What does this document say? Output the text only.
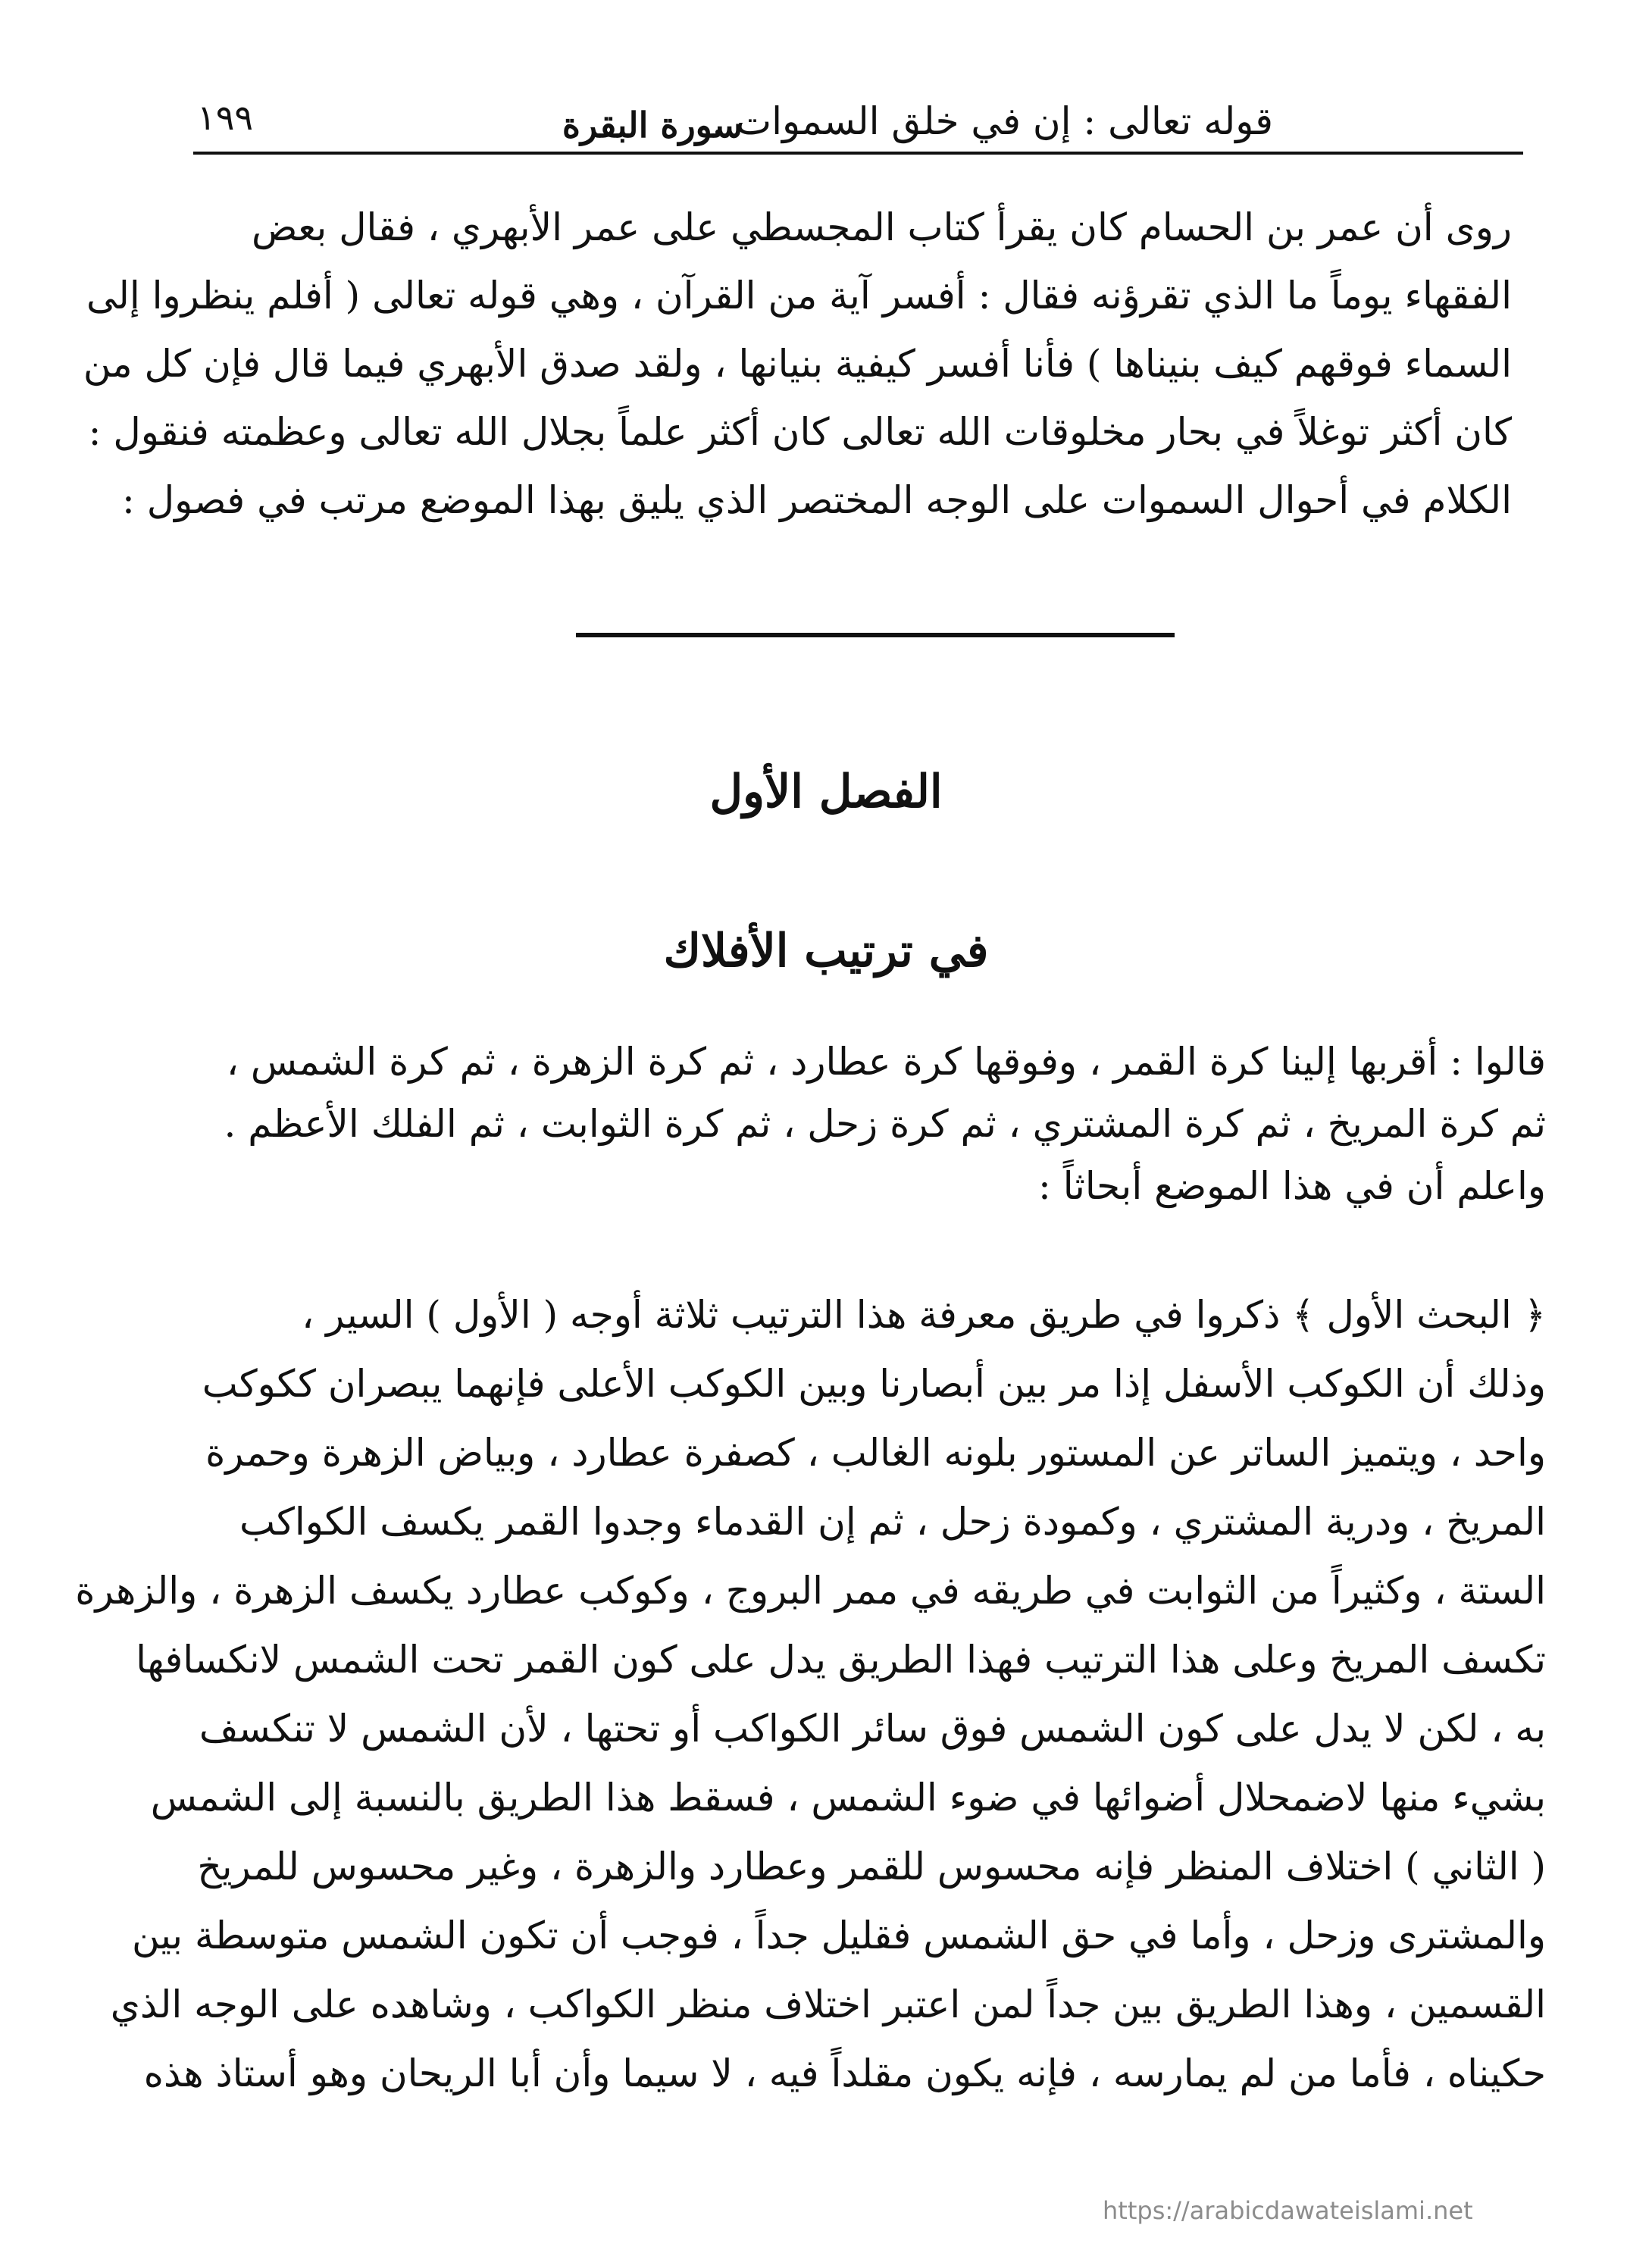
قوله تعالى : إن في خلق السموات .
سورة البقرة
١٩٩
روى أن عمر بن الحسام كان يقرأ كتاب المجسطي على عمر الأبهري ، فقال بعض
الفقهاء يوماً ما الذي تقرؤنه فقال : أفسر آية من القرآن ، وهي قوله تعالى ( أفلم ينظروا إلى
السماء فوقهم كيف بنيناها ) فأنا أفسر كيفية بنيانها ، ولقد صدق الأبهري فيما قال فإن كل من
كان أكثر توغلاً في بحار مخلوقات الله تعالى كان أكثر علماً بجلال الله تعالى وعظمته فنقول :
الكلام في أحوال السموات على الوجه المختصر الذي يليق بهذا الموضع مرتب في فصول :
الفصل الأول
في ترتيب الأفلاك
قالوا : أقربها إلينا كرة القمر ، وفوقها كرة عطارد ، ثم كرة الزهرة ، ثم كرة الشمس ،
ثم كرة المريخ ، ثم كرة المشتري ، ثم كرة زحل ، ثم كرة الثوابت ، ثم الفلك الأعظم .
واعلم أن في هذا الموضع أبحاثاً :
﴿ البحث الأول ﴾ ذكروا في طريق معرفة هذا الترتيب ثلاثة أوجه ( الأول ) السير ،
وذلك أن الكوكب الأسفل إذا مر بين أبصارنا وبين الكوكب الأعلى فإنهما يبصران ككوكب
واحد ، ويتميز الساتر عن المستور بلونه الغالب ، كصفرة عطارد ، وبياض الزهرة وحمرة
المريخ ، ودرية المشتري ، وكمودة زحل ، ثم إن القدماء وجدوا القمر يكسف الكواكب
الستة ، وكثيراً من الثوابت في طريقه في ممر البروج ، وكوكب عطارد يكسف الزهرة ، والزهرة
تكسف المريخ وعلى هذا الترتيب فهذا الطريق يدل على كون القمر تحت الشمس لانكسافها
به ، لكن لا يدل على كون الشمس فوق سائر الكواكب أو تحتها ، لأن الشمس لا تنكسف
بشيء منها لاضمحلال أضوائها في ضوء الشمس ، فسقط هذا الطريق بالنسبة إلى الشمس
( الثاني ) اختلاف المنظر فإنه محسوس للقمر وعطارد والزهرة ، وغير محسوس للمريخ
والمشترى وزحل ، وأما في حق الشمس فقليل جداً ، فوجب أن تكون الشمس متوسطة بين
القسمين ، وهذا الطريق بين جداً لمن اعتبر اختلاف منظر الكواكب ، وشاهده على الوجه الذي
حكيناه ، فأما من لم يمارسه ، فإنه يكون مقلداً فيه ، لا سيما وأن أبا الريحان وهو أستاذ هذه
https://arabicdawateislami.net
